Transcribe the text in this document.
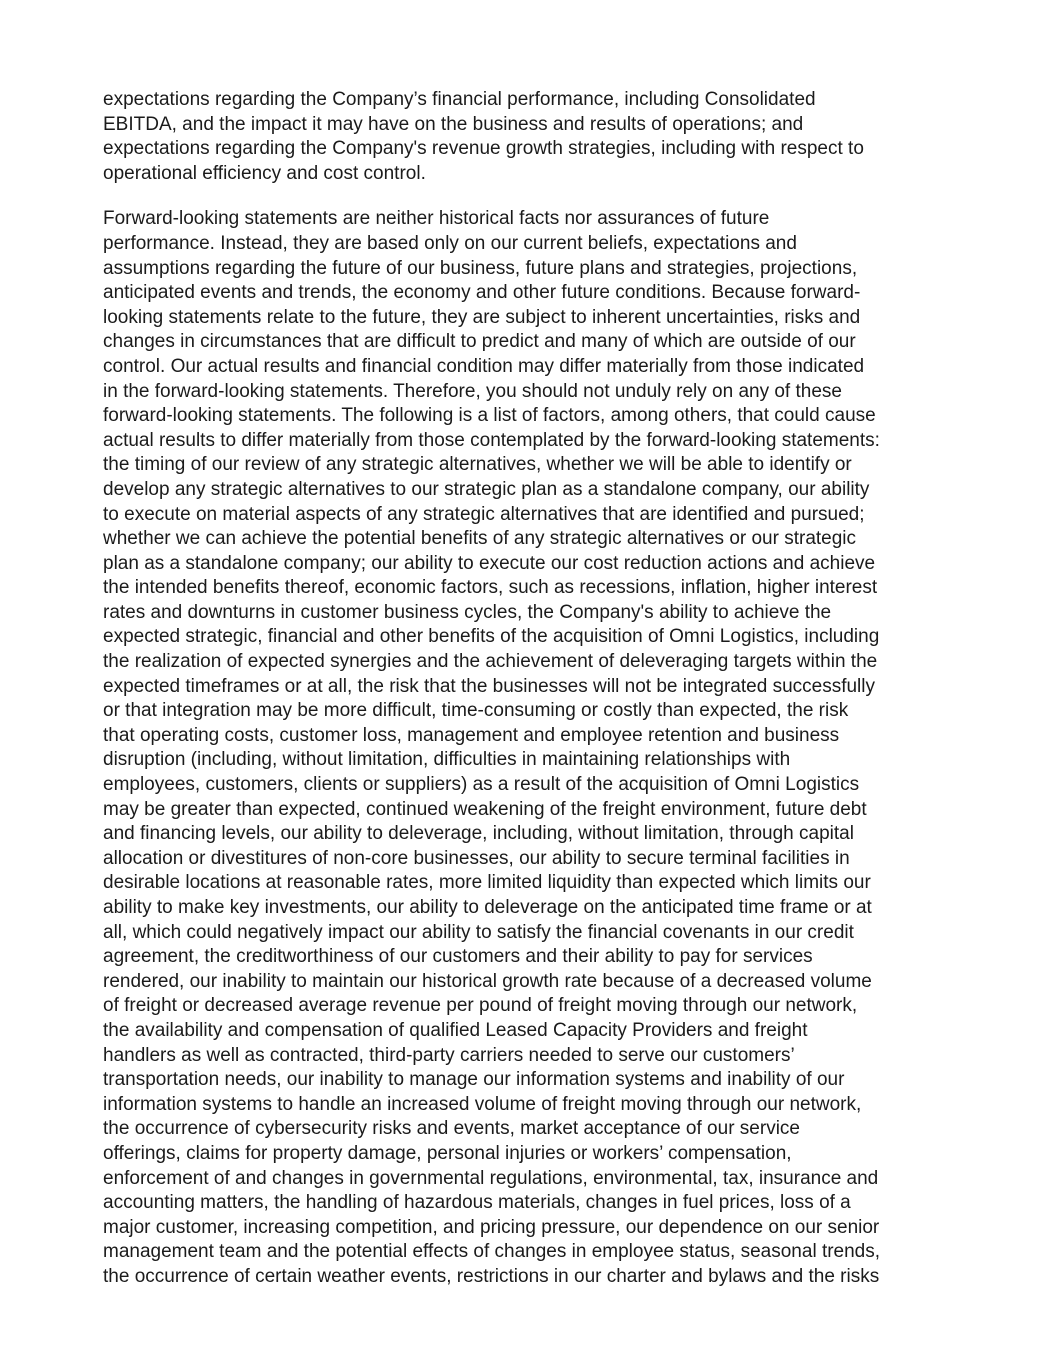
expectations regarding the Company’s financial performance, including Consolidated
EBITDA, and the impact it may have on the business and results of operations; and
expectations regarding the Company's revenue growth strategies, including with respect to
operational efficiency and cost control.

Forward-looking statements are neither historical facts nor assurances of future
performance. Instead, they are based only on our current beliefs, expectations and
assumptions regarding the future of our business, future plans and strategies, projections,
anticipated events and trends, the economy and other future conditions. Because forward-
looking statements relate to the future, they are subject to inherent uncertainties, risks and
changes in circumstances that are difficult to predict and many of which are outside of our
control. Our actual results and financial condition may differ materially from those indicated
in the forward-looking statements. Therefore, you should not unduly rely on any of these
forward-looking statements. The following is a list of factors, among others, that could cause
actual results to differ materially from those contemplated by the forward-looking statements:
the timing of our review of any strategic alternatives, whether we will be able to identify or
develop any strategic alternatives to our strategic plan as a standalone company, our ability
to execute on material aspects of any strategic alternatives that are identified and pursued;
whether we can achieve the potential benefits of any strategic alternatives or our strategic
plan as a standalone company; our ability to execute our cost reduction actions and achieve
the intended benefits thereof, economic factors, such as recessions, inflation, higher interest
rates and downturns in customer business cycles, the Company's ability to achieve the
expected strategic, financial and other benefits of the acquisition of Omni Logistics, including
the realization of expected synergies and the achievement of deleveraging targets within the
expected timeframes or at all, the risk that the businesses will not be integrated successfully
or that integration may be more difficult, time-consuming or costly than expected, the risk
that operating costs, customer loss, management and employee retention and business
disruption (including, without limitation, difficulties in maintaining relationships with
employees, customers, clients or suppliers) as a result of the acquisition of Omni Logistics
may be greater than expected, continued weakening of the freight environment, future debt
and financing levels, our ability to deleverage, including, without limitation, through capital
allocation or divestitures of non-core businesses, our ability to secure terminal facilities in
desirable locations at reasonable rates, more limited liquidity than expected which limits our
ability to make key investments, our ability to deleverage on the anticipated time frame or at
all, which could negatively impact our ability to satisfy the financial covenants in our credit
agreement, the creditworthiness of our customers and their ability to pay for services
rendered, our inability to maintain our historical growth rate because of a decreased volume
of freight or decreased average revenue per pound of freight moving through our network,
the availability and compensation of qualified Leased Capacity Providers and freight
handlers as well as contracted, third-party carriers needed to serve our customers’
transportation needs, our inability to manage our information systems and inability of our
information systems to handle an increased volume of freight moving through our network,
the occurrence of cybersecurity risks and events, market acceptance of our service
offerings, claims for property damage, personal injuries or workers’ compensation,
enforcement of and changes in governmental regulations, environmental, tax, insurance and
accounting matters, the handling of hazardous materials, changes in fuel prices, loss of a
major customer, increasing competition, and pricing pressure, our dependence on our senior
management team and the potential effects of changes in employee status, seasonal trends,
the occurrence of certain weather events, restrictions in our charter and bylaws and the risks
